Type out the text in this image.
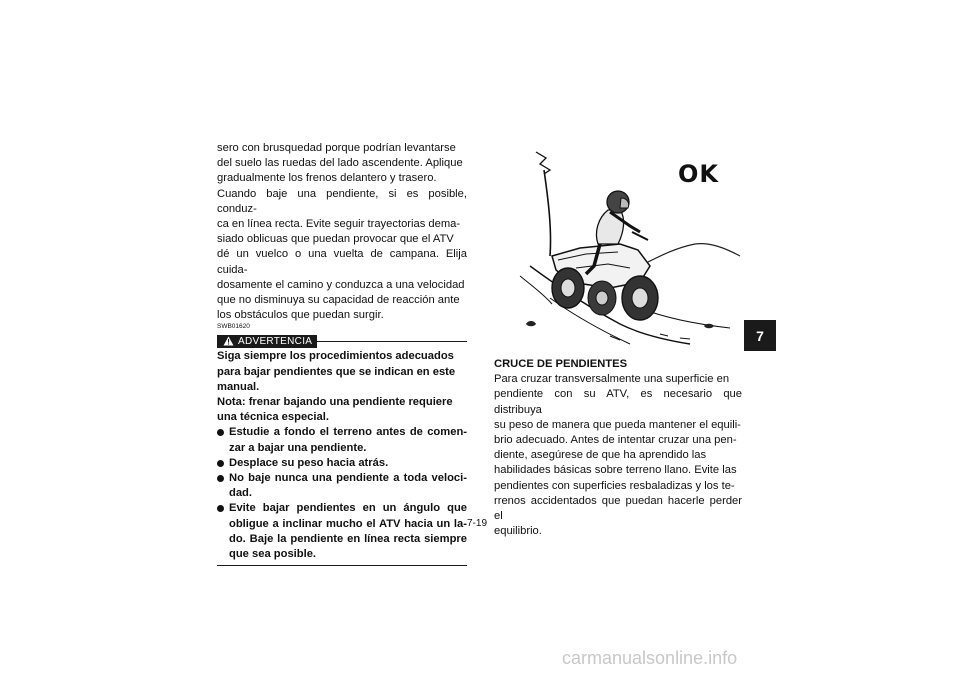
sero con brusquedad porque podrían levantarse

del suelo las ruedas del lado ascendente. Aplique

gradualmente los frenos delantero y trasero.

Cuando baje una pendiente, si es posible, conduz-

ca en línea recta. Evite seguir trayectorias dema-

siado oblicuas que puedan provocar que el ATV

dé un vuelco o una vuelta de campana. Elija cuida-

dosamente el camino y conduzca a una velocidad

que no disminuya su capacidad de reacción ante

los obstáculos que puedan surgir.

SWB01620
ADVERTENCIA

Siga siempre los procedimientos adecuados

para bajar pendientes que se indican en este

manual.

Nota: frenar bajando una pendiente requiere

una técnica especial.

Estudie a fondo el terreno antes de comen-zar a bajar una pendiente.
Desplace su peso hacia atrás.
No baje nunca una pendiente a toda veloci-dad.
Evite bajar pendientes en un ángulo que obligue a inclinar mucho el ATV hacia un la-do. Baje la pendiente en línea recta siempre que sea posible.
OK

CRUCE DE PENDIENTES

Para cruzar transversalmente una superficie en

pendiente con su ATV, es necesario que distribuya

su peso de manera que pueda mantener el equili-

brio adecuado. Antes de intentar cruzar una pen-

diente, asegúrese de que ha aprendido las

habilidades básicas sobre terreno llano. Evite las

pendientes con superficies resbaladizas y los te-

rrenos accidentados que puedan hacerle perder el

equilibrio.

7
7-19
carmanualsonline.info
